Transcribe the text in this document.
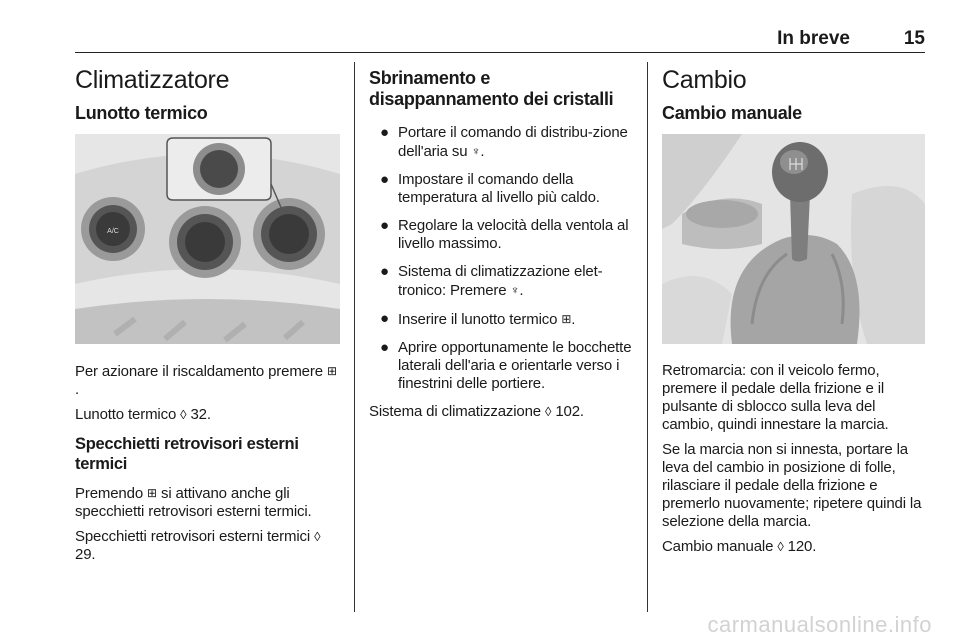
In breve	15
Climatizzatore
Lunotto termico
A/C

Per azionare il riscaldamento premere ⊞.

Lunotto termico ◊ 32.

Specchietti retrovisori esterni termici

Premendo ⊞ si attivano anche gli specchietti retrovisori esterni termici.

Specchietti retrovisori esterni termici ◊ 29.

Sbrinamento e disappannamento dei cristalli
● Portare il comando di distribu-zione dell'aria su ♆.
● Impostare il comando della temperatura al livello più caldo.
● Regolare la velocità della ventola al livello massimo.
● Sistema di climatizzazione elet-tronico: Premere ♆.
● Inserire il lunotto termico ⊞.
● Aprire opportunamente le bocchette laterali dell'aria e orientarle verso i finestrini delle portiere.

Sistema di climatizzazione ◊ 102.

Cambio
Cambio manuale

Retromarcia: con il veicolo fermo, premere il pedale della frizione e il pulsante di sblocco sulla leva del cambio, quindi innestare la marcia.

Se la marcia non si innesta, portare la leva del cambio in posizione di folle, rilasciare il pedale della frizione e premerlo nuovamente; ripetere quindi la selezione della marcia.

Cambio manuale ◊ 120.

carmanualsonline.info
